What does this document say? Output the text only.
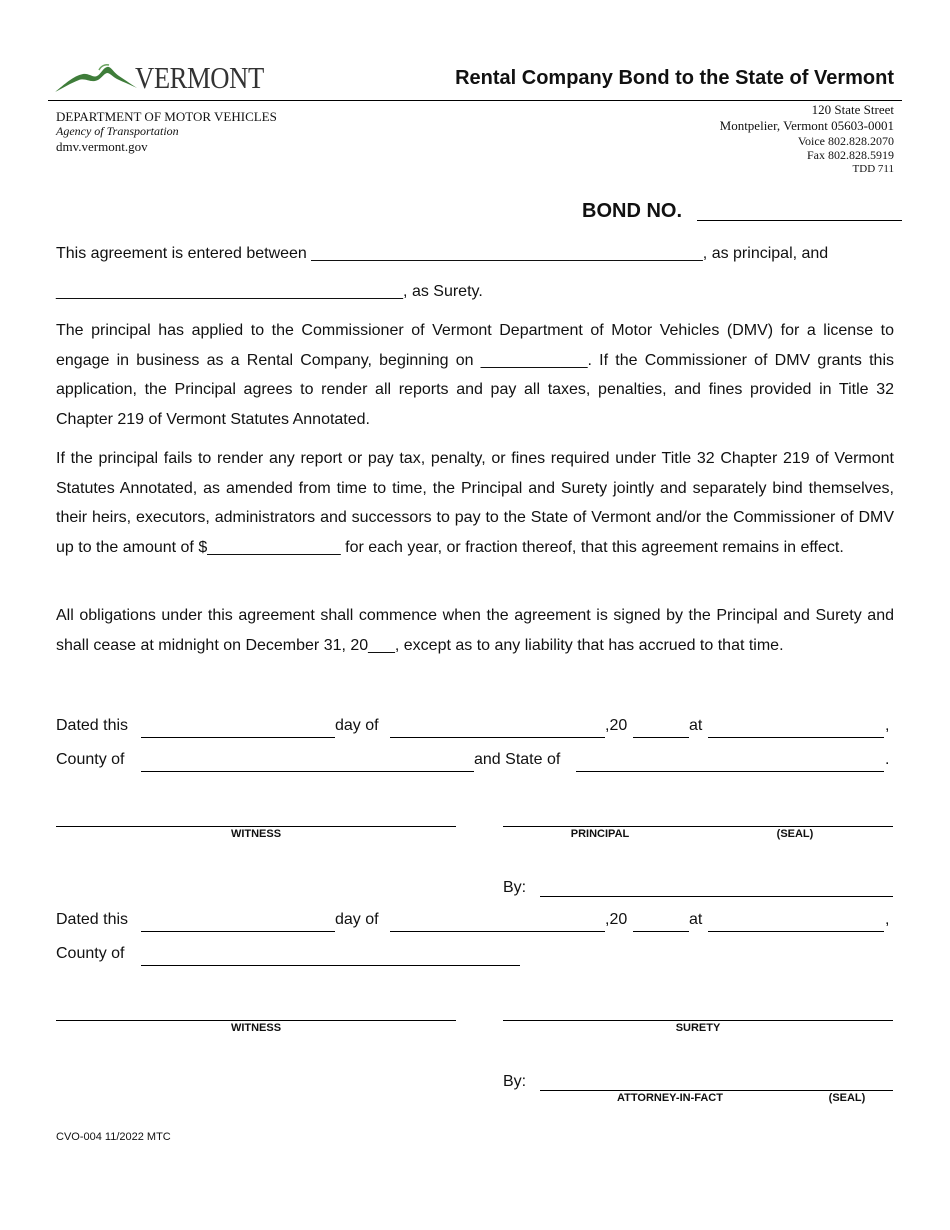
VERMONT	Rental Company Bond to the State of Vermont
DEPARTMENT OF MOTOR VEHICLES
Agency of Transportation
dmv.vermont.gov
120 State Street
Montpelier, Vermont 05603-0001
Voice 802.828.2070
Fax 802.828.5919
TDD 711
BOND NO.
This agreement is entered between ____________________________________________, as principal, and
_______________________________________, as Surety.

The principal has applied to the Commissioner of Vermont Department of Motor Vehicles (DMV) for a license to engage in business as a Rental Company, beginning on ____________. If the Commissioner of DMV grants this application, the Principal agrees to render all reports and pay all taxes, penalties, and fines provided in Title 32 Chapter 219 of Vermont Statutes Annotated.

If the principal fails to render any report or pay tax, penalty, or fines required under Title 32 Chapter 219 of Vermont Statutes Annotated, as amended from time to time, the Principal and Surety jointly and separately bind themselves, their heirs, executors, administrators and successors to pay to the State of Vermont and/or the Commissioner of DMV up to the amount of $_______________ for each year, or fraction thereof, that this agreement remains in effect.

All obligations under this agreement shall commence when the agreement is signed by the Principal and Surety and shall cease at midnight on December 31, 20___, except as to any liability that has accrued to that time.

Dated this	day of	,20	at	,
County of	and State of	.
WITNESS	PRINCIPAL	(SEAL)
By:
Dated this	day of	,20	at	,
County of
WITNESS	SURETY
By:
ATTORNEY-IN-FACT	(SEAL)
CVO-004 11/2022 MTC
